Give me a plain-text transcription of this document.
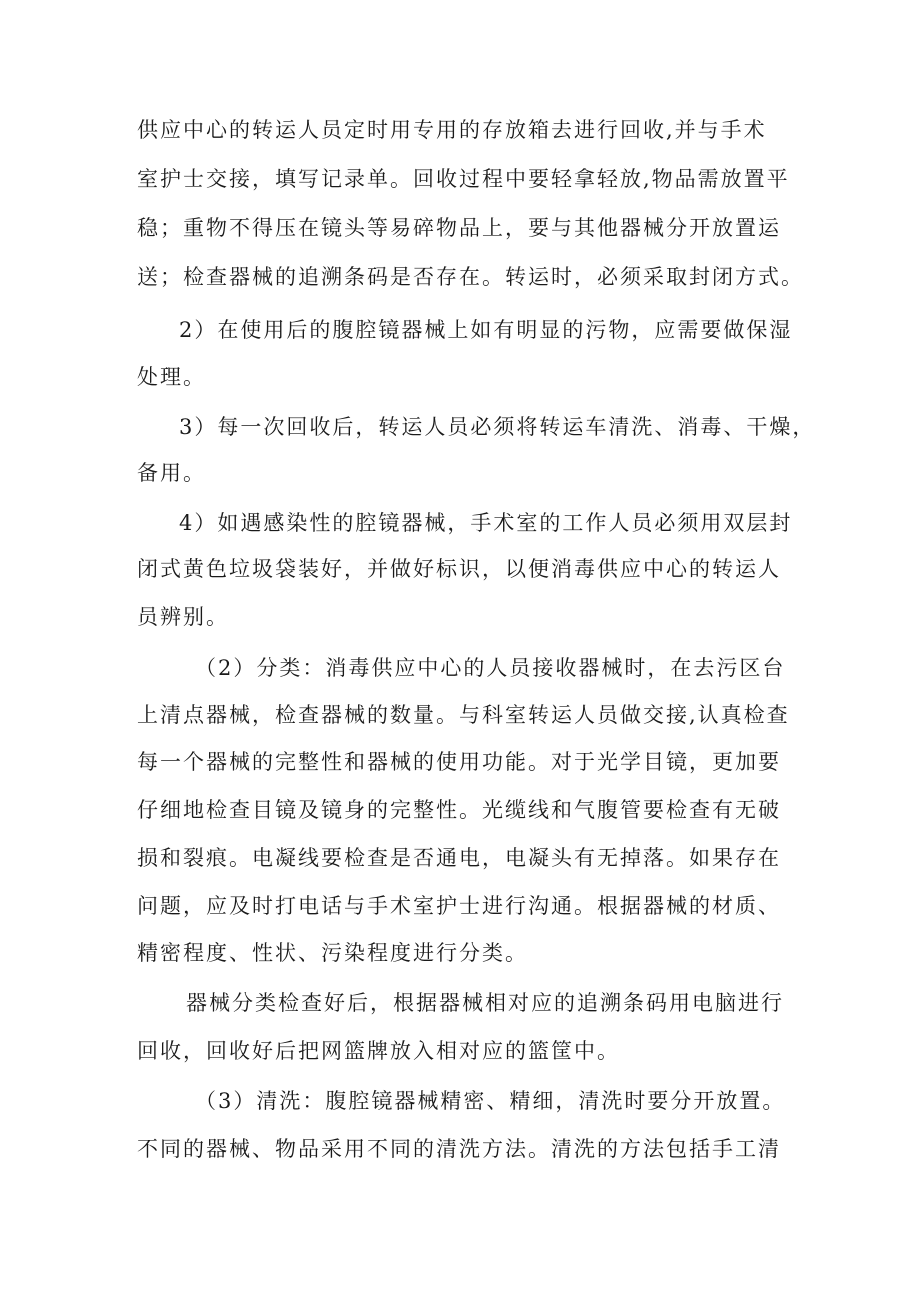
供应中心的转运人员定时用专用的存放箱去进行回收,并与手术
室护士交接，填写记录单。回收过程中要轻拿轻放,物品需放置平
稳；重物不得压在镜头等易碎物品上，要与其他器械分开放置运
送；检查器械的追溯条码是否存在。转运时，必须采取封闭方式。
2）在使用后的腹腔镜器械上如有明显的污物，应需要做保湿
处理。
3）每一次回收后，转运人员必须将转运车清洗、消毒、干燥，
备用。
4）如遇感染性的腔镜器械，手术室的工作人员必须用双层封
闭式黄色垃圾袋装好，并做好标识，以便消毒供应中心的转运人
员辨别。
（2）分类：消毒供应中心的人员接收器械时，在去污区台
上清点器械，检查器械的数量。与科室转运人员做交接,认真检查
每一个器械的完整性和器械的使用功能。对于光学目镜，更加要
仔细地检查目镜及镜身的完整性。光缆线和气腹管要检查有无破
损和裂痕。电凝线要检查是否通电，电凝头有无掉落。如果存在
问题，应及时打电话与手术室护士进行沟通。根据器械的材质、
精密程度、性状、污染程度进行分类。
器械分类检查好后，根据器械相对应的追溯条码用电脑进行
回收，回收好后把网篮牌放入相对应的篮筐中。
（3）清洗：腹腔镜器械精密、精细，清洗时要分开放置。
不同的器械、物品采用不同的清洗方法。清洗的方法包括手工清
